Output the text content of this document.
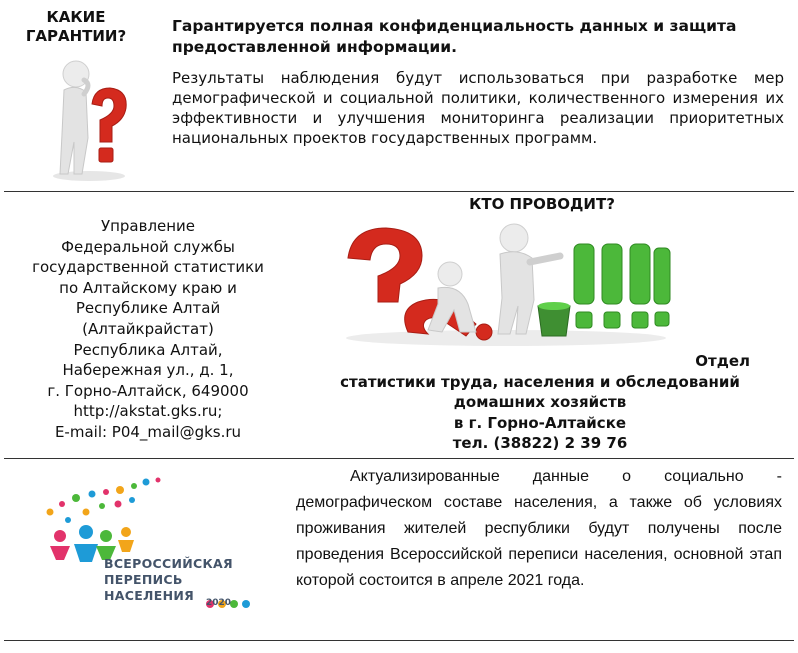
КАКИЕ
ГАРАНТИИ?
Гарантируется полная конфиденциальность данных и защита предоставленной информации.
Результаты наблюдения будут использоваться при разработке мер демографической и социальной политики, количественного измерения их эффективности и улучшения мониторинга реализации приоритетных национальных проектов государственных программ.
Управление
Федеральной службы
государственной статистики
по Алтайскому краю и
Республике Алтай
(Алтайкрайстат)
Республика Алтай,
Набережная ул., д. 1,
г. Горно-Алтайск, 649000
http://akstat.gks.ru;
E-mail: P04_mail@gks.ru
КТО ПРОВОДИТ?
Отдел
статистики труда, населения и обследований
домашних хозяйств
в г. Горно-Алтайске
тел. (38822) 2 39 76
ВСЕРОССИЙСКАЯ
ПЕРЕПИСЬ
НАСЕЛЕНИЯ	2020
Актуализированные данные о социально - демографическом составе населения, а также об условиях проживания жителей республики будут получены после проведения Всероссийской переписи населения, основной этап которой состоится в апреле 2021 года.
